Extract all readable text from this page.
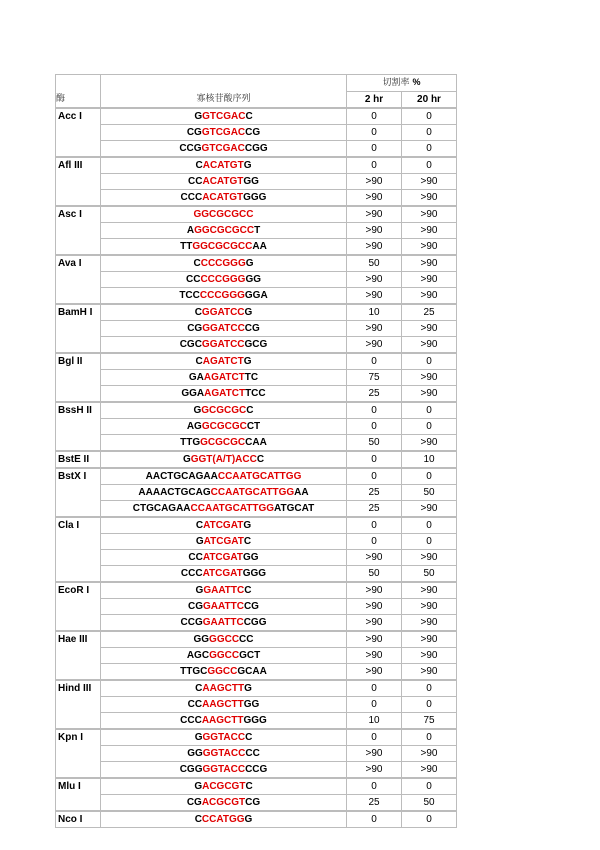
酶	寡核苷酸序列	切割率 %	
		2 hr	20 hr
Acc I	GGTCGACC	0	0
	CGGTCGACCG	0	0
	CCGGTCGACCGG	0	0
Afl III	CACATGTG	0	0
	CCACATGTGG	>90	>90
	CCCACATGTGGG	>90	>90
Asc I	GGCGCGCC	>90	>90
	AGGCGCGCCT	>90	>90
	TTGGCGCGCCAA	>90	>90
Ava I	CCCCGGGG	50	>90
	CCCCCGGGGG	>90	>90
	TCCCCCGGGGGA	>90	>90
BamH I	CGGATCCG	10	25
	CGGGATCCCG	>90	>90
	CGCGGATCCGCG	>90	>90
Bgl II	CAGATCTG	0	0
	GAAGATCTTC	75	>90
	GGAAGATCTTCC	25	>90
BssH II	GGCGCGCC	0	0
	AGGCGCGCCT	0	0
	TTGGCGCGCCAA	50	>90
BstE II	GGGT(A/T)ACCC	0	10
BstX I	AACTGCAGAACCAATGCATTGG	0	0
	AAAACTGCAGCCAATGCATTGGAA	25	50
	CTGCAGAACCAATGCATTGGATGCAT	25	>90
Cla I	CATCGATG	0	0
	GATCGATC	0	0
	CCATCGATGG	>90	>90
	CCCATCGATGGG	50	50
EcoR I	GGAATTCC	>90	>90
	CGGAATTCCG	>90	>90
	CCGGAATTCCGG	>90	>90
Hae III	GGGGCCCC	>90	>90
	AGCGGCCGCT	>90	>90
	TTGCGGCCGCAA	>90	>90
Hind III	CAAGCTTG	0	0
	CCAAGCTTGG	0	0
	CCCAAGCTTGGG	10	75
Kpn I	GGGTACCC	0	0
	GGGGTACCCC	>90	>90
	CGGGGTACCCCG	>90	>90
Mlu I	GACGCGTC	0	0
	CGACGCGTCG	25	50
Nco I	CCCATGGG	0	0
